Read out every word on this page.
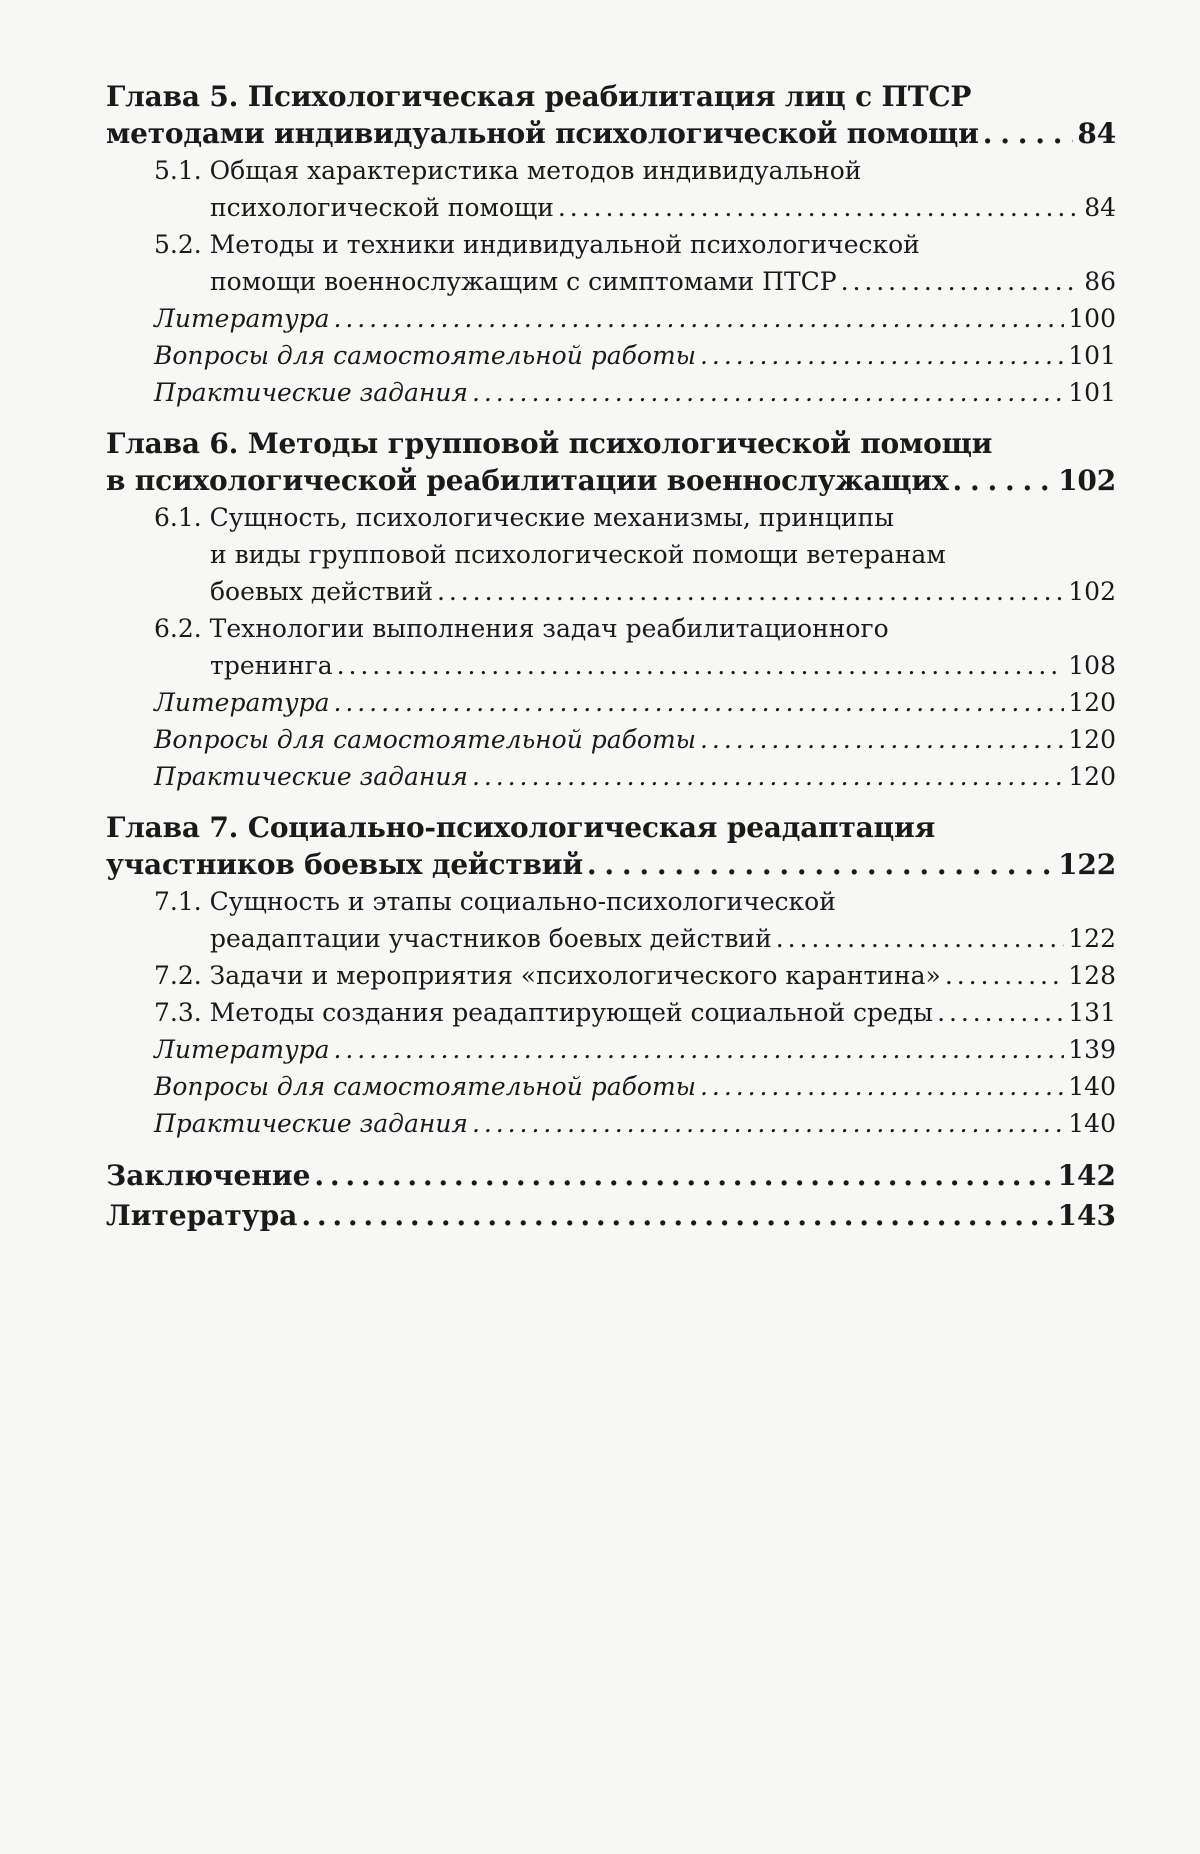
Глава 5. Психологическая реабилитация лиц с ПТСР
методами индивидуальной психологической помощи . . .	84
5.1. Общая характеристика методов индивидуальной
психологической помощи . . .	84
5.2. Методы и техники индивидуальной психологической
помощи военнослужащим с симптомами ПТСР . . .	86
Литература . . .	100
Вопросы для самостоятельной работы . . .	101
Практические задания . . .	101
Глава 6. Методы групповой психологической помощи
в психологической реабилитации военнослужащих . . .	102
6.1. Сущность, психологические механизмы, принципы
и виды групповой психологической помощи ветеранам
боевых действий . . .	102
6.2. Технологии выполнения задач реабилитационного
тренинга . . .	108
Литература . . .	120
Вопросы для самостоятельной работы . . .	120
Практические задания . . .	120
Глава 7. Социально-психологическая реадаптация
участников боевых действий . . .	122
7.1. Сущность и этапы социально-психологической
реадаптации участников боевых действий . . .	122
7.2. Задачи и мероприятия «психологического карантина» . . .	128
7.3. Методы создания реадаптирующей социальной среды . . .	131
Литература . . .	139
Вопросы для самостоятельной работы . . .	140
Практические задания . . .	140
Заключение . . .	142
Литература . . .	143
